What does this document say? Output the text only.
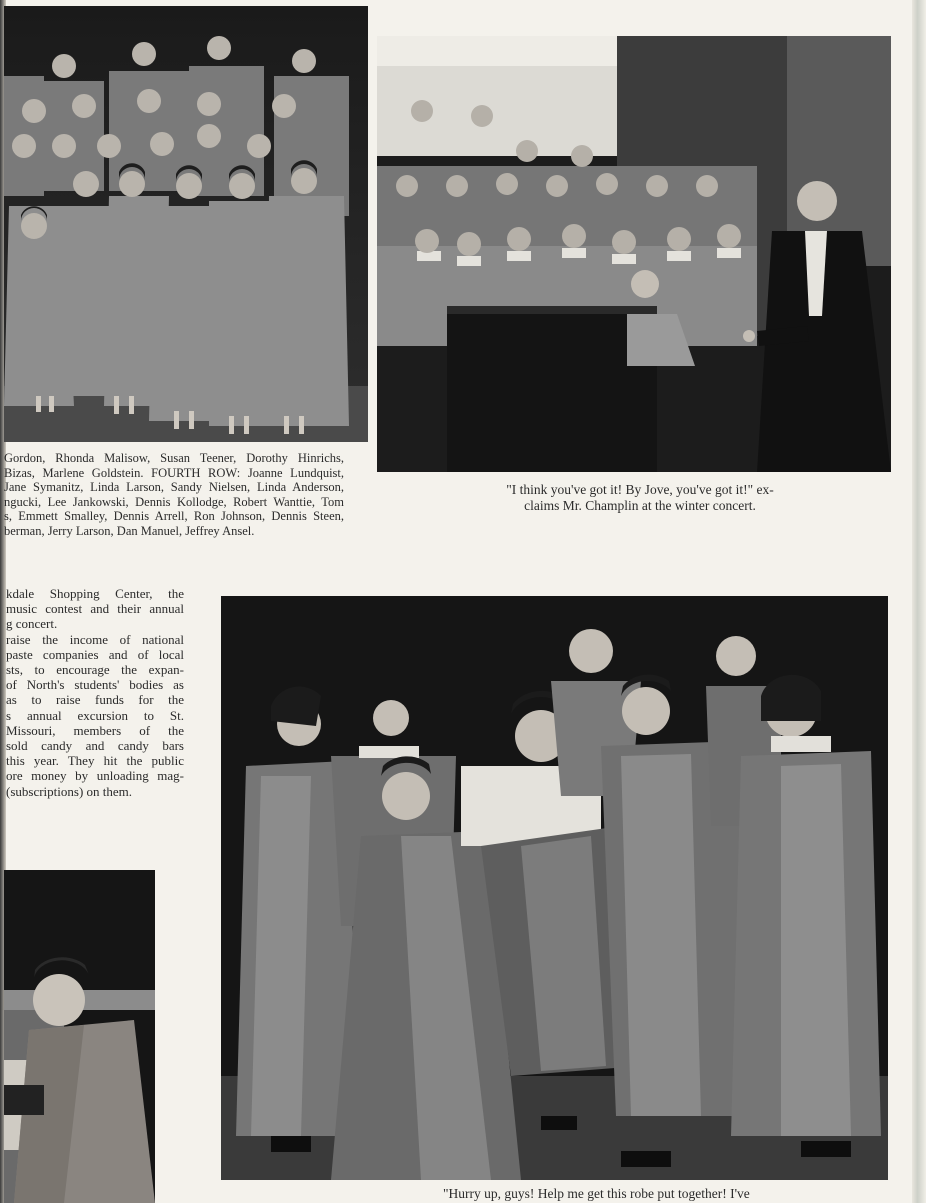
Gordon, Rhonda Malisow, Susan Teener, Dorothy Hinrichs,
Bizas, Marlene Goldstein. FOURTH ROW: Joanne Lundquist,
Jane Symanitz, Linda Larson, Sandy Nielsen, Linda Anderson,
ngucki, Lee Jankowski, Dennis Kollodge, Robert Wanttie, Tom
s, Emmett Smalley, Dennis Arrell, Ron Johnson, Dennis Steen,
berman, Jerry Larson, Dan Manuel, Jeffrey Ansel.
"I think you've got it! By Jove, you've got it!" ex-
claims Mr. Champlin at the winter concert.
kdale Shopping Center, the
music contest and their annual
g concert.
raise the income of national
paste companies and of local
sts, to encourage the expan-
of North's students' bodies as
as to raise funds for the
s annual excursion to St.
Missouri, members of the
sold candy and candy bars
this year. They hit the public
ore money by unloading mag-
(subscriptions) on them.
"Hurry up, guys! Help me get this robe put together! I've
